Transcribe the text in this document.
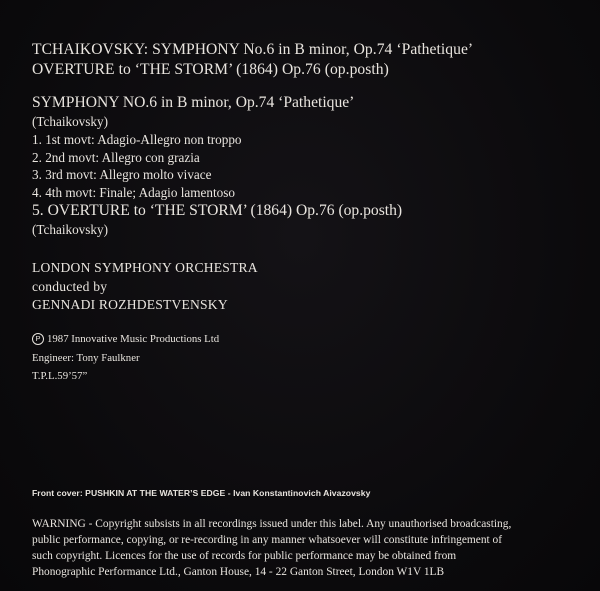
TCHAIKOVSKY: SYMPHONY No.6 in B minor, Op.74 ‘Pathetique’
OVERTURE to ‘THE STORM’ (1864) Op.76 (op.posth)
SYMPHONY NO.6 in B minor, Op.74 ‘Pathetique’
(Tchaikovsky)
1. 1st movt: Adagio-Allegro non troppo
2. 2nd movt: Allegro con grazia
3. 3rd movt: Allegro molto vivace
4. 4th movt: Finale; Adagio lamentoso
5. OVERTURE to ‘THE STORM’ (1864) Op.76 (op.posth)
(Tchaikovsky)
LONDON SYMPHONY ORCHESTRA
conducted by
GENNADI ROZHDESTVENSKY
P 1987 Innovative Music Productions Ltd
Engineer: Tony Faulkner
T.P.L.59’57”
Front cover: PUSHKIN AT THE WATER’S EDGE - Ivan Konstantinovich Aivazovsky
WARNING - Copyright subsists in all recordings issued under this label. Any unauthorised broadcasting,
public performance, copying, or re-recording in any manner whatsoever will constitute infringement of
such copyright. Licences for the use of records for public performance may be obtained from
Phonographic Performance Ltd., Ganton House, 14 - 22 Ganton Street, London W1V 1LB
